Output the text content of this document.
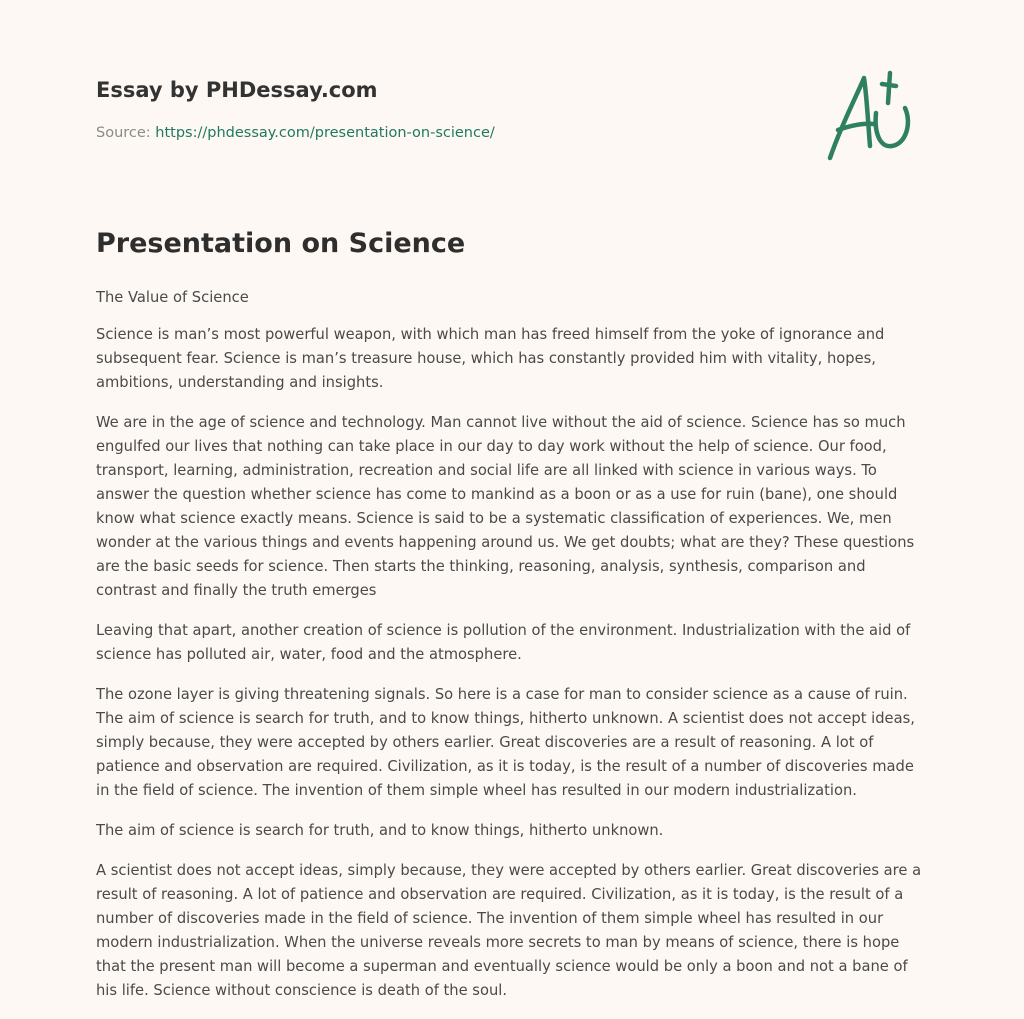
Essay by PHDessay.com
Source: https://phdessay.com/presentation-on-science/
Presentation on Science

The Value of Science

Science is man’s most powerful weapon, with which man has freed himself from the yoke of ignorance and subsequent fear. Science is man’s treasure house, which has constantly provided him with vitality, hopes, ambitions, understanding and insights.

We are in the age of science and technology. Man cannot live without the aid of science. Science has so much engulfed our lives that nothing can take place in our day to day work without the help of science. Our food, transport, learning, administration, recreation and social life are all linked with science in various ways. To answer the question whether science has come to mankind as a boon or as a use for ruin (bane), one should know what science exactly means. Science is said to be a systematic classification of experiences. We, men wonder at the various things and events happening around us. We get doubts; what are they? These questions are the basic seeds for science. Then starts the thinking, reasoning, analysis, synthesis, comparison and contrast and finally the truth emerges

Leaving that apart, another creation of science is pollution of the environment. Industrialization with the aid of science has polluted air, water, food and the atmosphere.

The ozone layer is giving threatening signals. So here is a case for man to consider science as a cause of ruin. The aim of science is search for truth, and to know things, hitherto unknown. A scientist does not accept ideas, simply because, they were accepted by others earlier. Great discoveries are a result of reasoning. A lot of patience and observation are required. Civilization, as it is today, is the result of a number of discoveries made in the field of science. The invention of them simple wheel has resulted in our modern industrialization.

The aim of science is search for truth, and to know things, hitherto unknown.

A scientist does not accept ideas, simply because, they were accepted by others earlier. Great discoveries are a result of reasoning. A lot of patience and observation are required. Civilization, as it is today, is the result of a number of discoveries made in the field of science. The invention of them simple wheel has resulted in our modern industrialization. When the universe reveals more secrets to man by means of science, there is hope that the present man will become a superman and eventually science would be only a boon and not a bane of his life. Science without conscience is death of the soul.
